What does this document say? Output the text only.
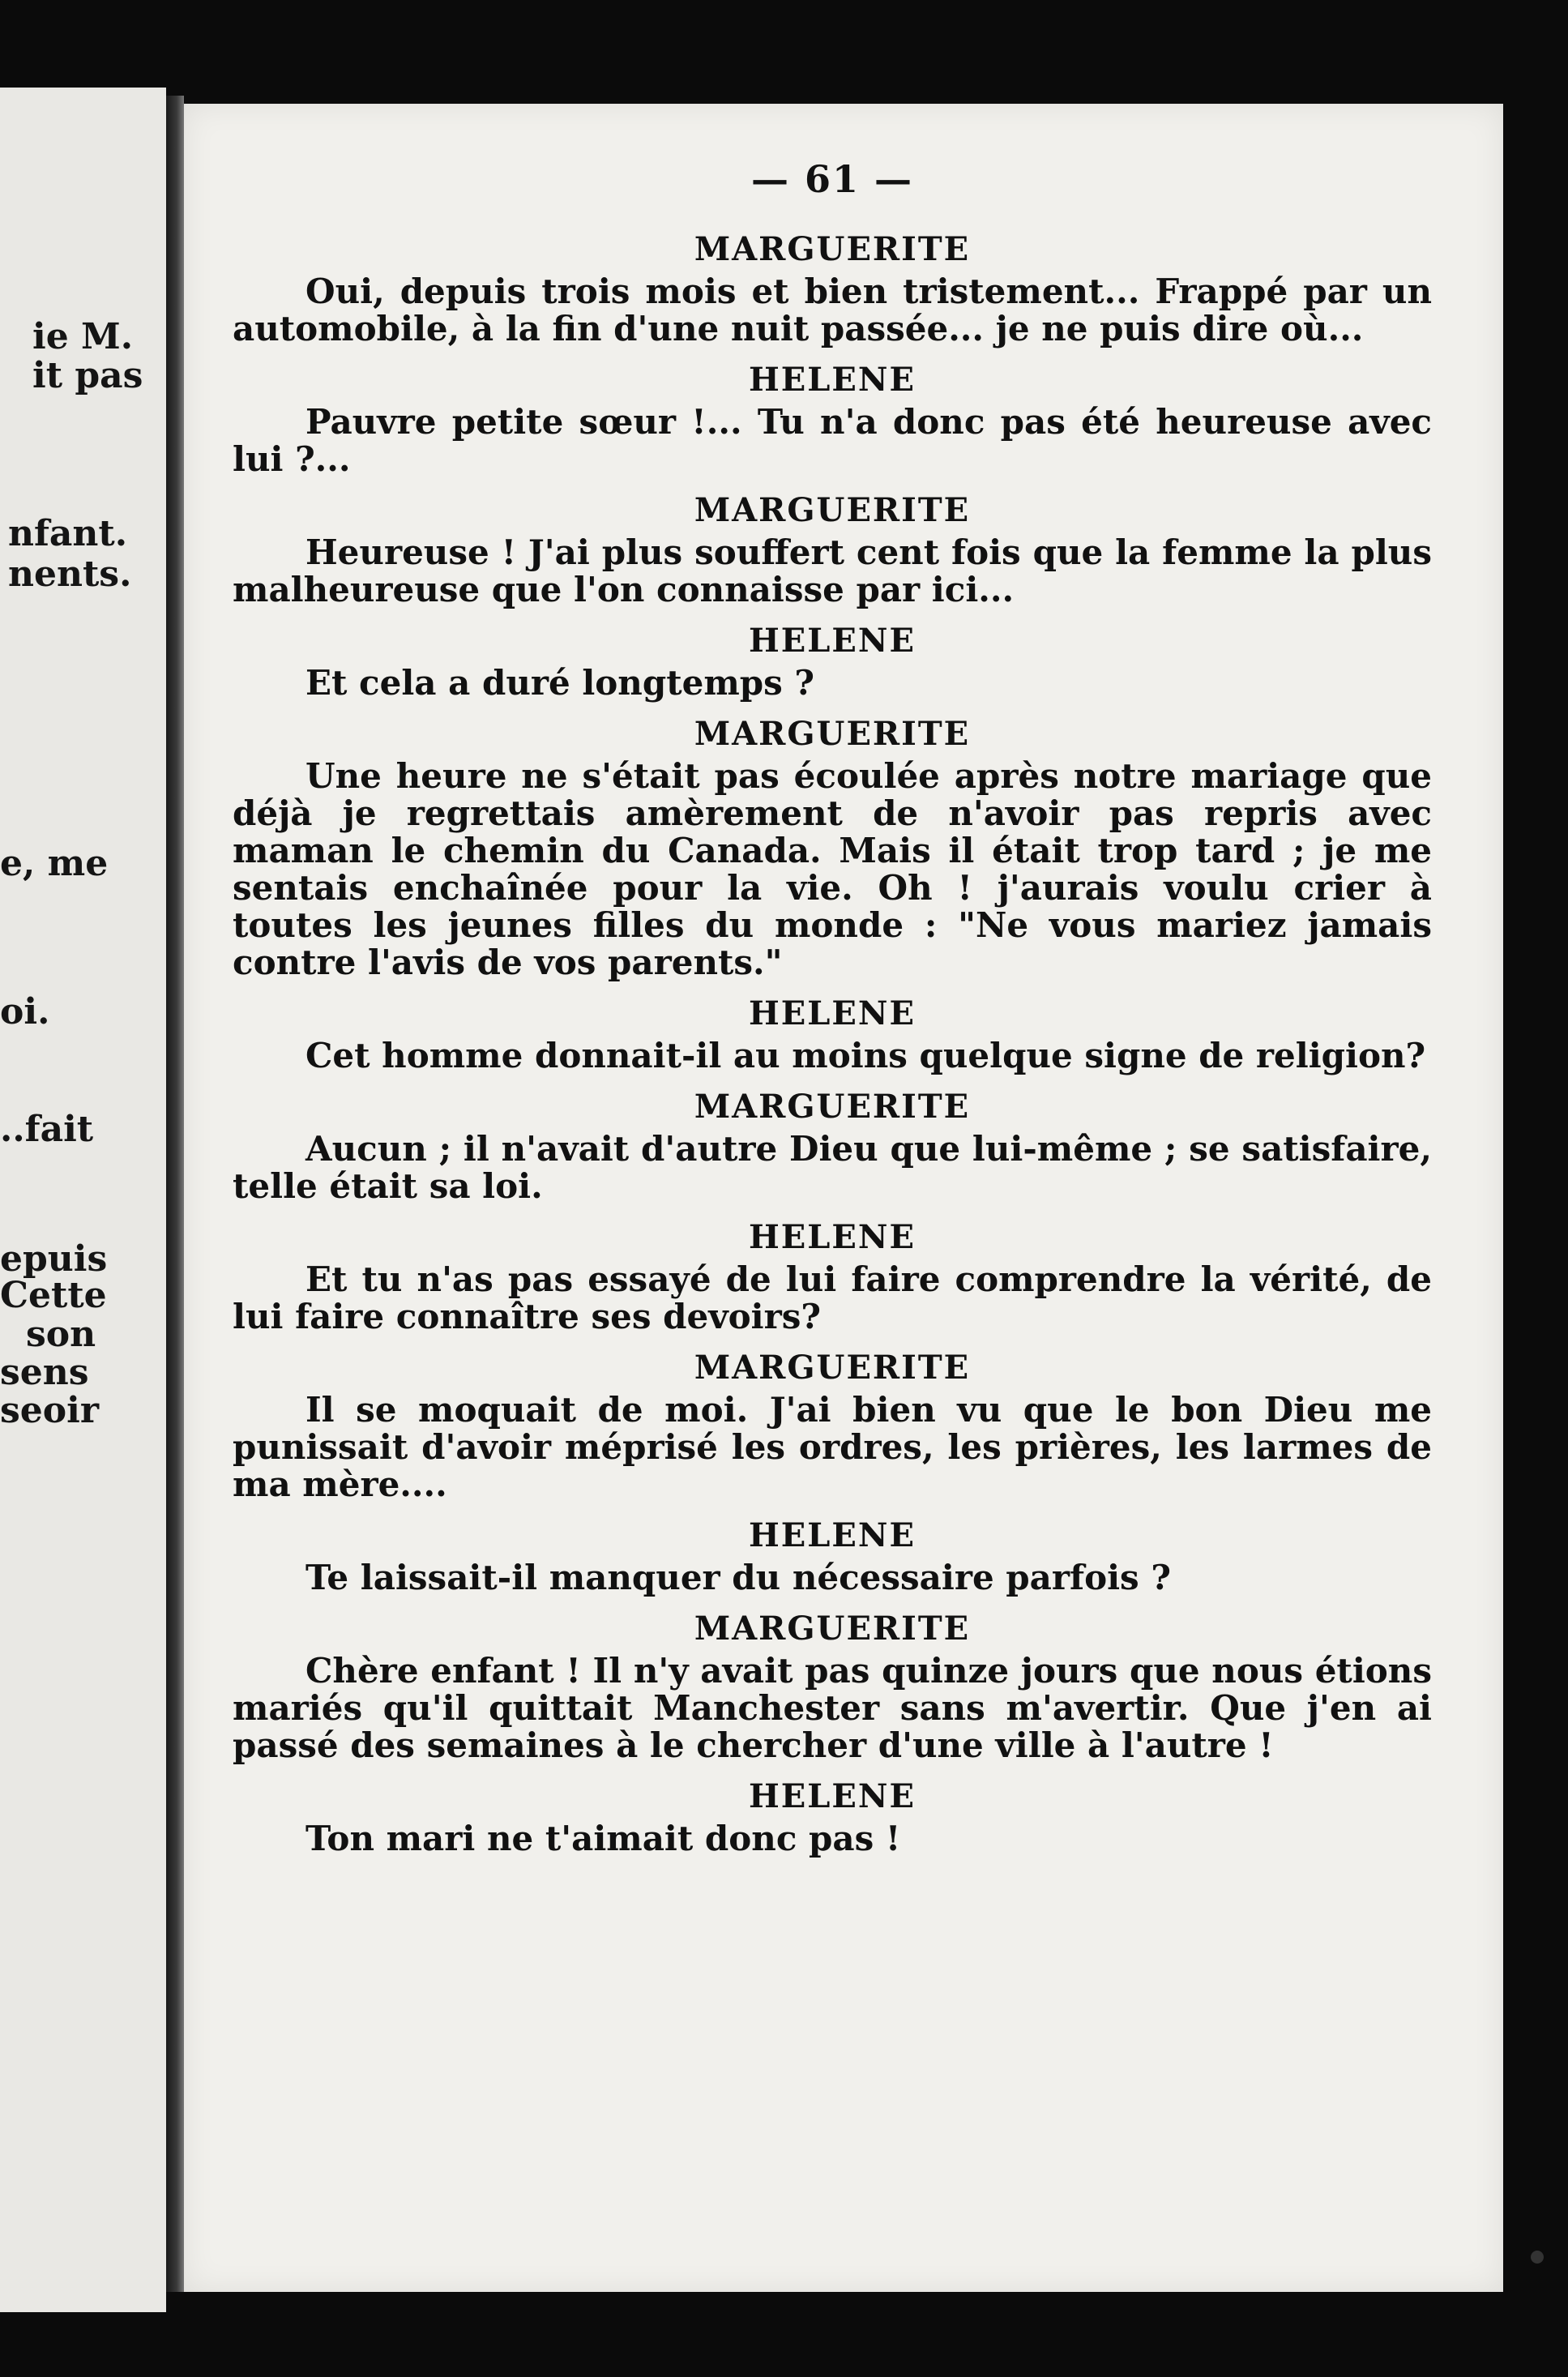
ie M.
it pas
nfant.
nents.
e, me
oi.
..fait
epuis
Cette
son
sens
seoir
— 61 —
MARGUERITE

Oui, depuis trois mois et bien tristement... Frappé par un automobile, à la fin d'une nuit passée... je ne puis dire où...

HELENE

Pauvre petite sœur !... Tu n'a donc pas été heureuse avec lui ?...

MARGUERITE

Heureuse ! J'ai plus souffert cent fois que la femme la plus malheureuse que l'on connaisse par ici...

HELENE

Et cela a duré longtemps ?

MARGUERITE

Une heure ne s'était pas écoulée après notre mariage que déjà je regrettais amèrement de n'avoir pas repris avec maman le chemin du Canada. Mais il était trop tard ; je me sentais enchaînée pour la vie. Oh ! j'aurais voulu crier à toutes les jeunes filles du monde : "Ne vous mariez jamais contre l'avis de vos parents."

HELENE

Cet homme donnait-il au moins quelque signe de religion?

MARGUERITE

Aucun ; il n'avait d'autre Dieu que lui-même ; se satisfaire, telle était sa loi.

HELENE

Et tu n'as pas essayé de lui faire comprendre la vérité, de lui faire connaître ses devoirs?

MARGUERITE

Il se moquait de moi. J'ai bien vu que le bon Dieu me punissait d'avoir méprisé les ordres, les prières, les larmes de ma mère....

HELENE

Te laissait-il manquer du nécessaire parfois ?

MARGUERITE

Chère enfant ! Il n'y avait pas quinze jours que nous étions mariés qu'il quittait Manchester sans m'avertir. Que j'en ai passé des semaines à le chercher d'une ville à l'autre !

HELENE

Ton mari ne t'aimait donc pas !
